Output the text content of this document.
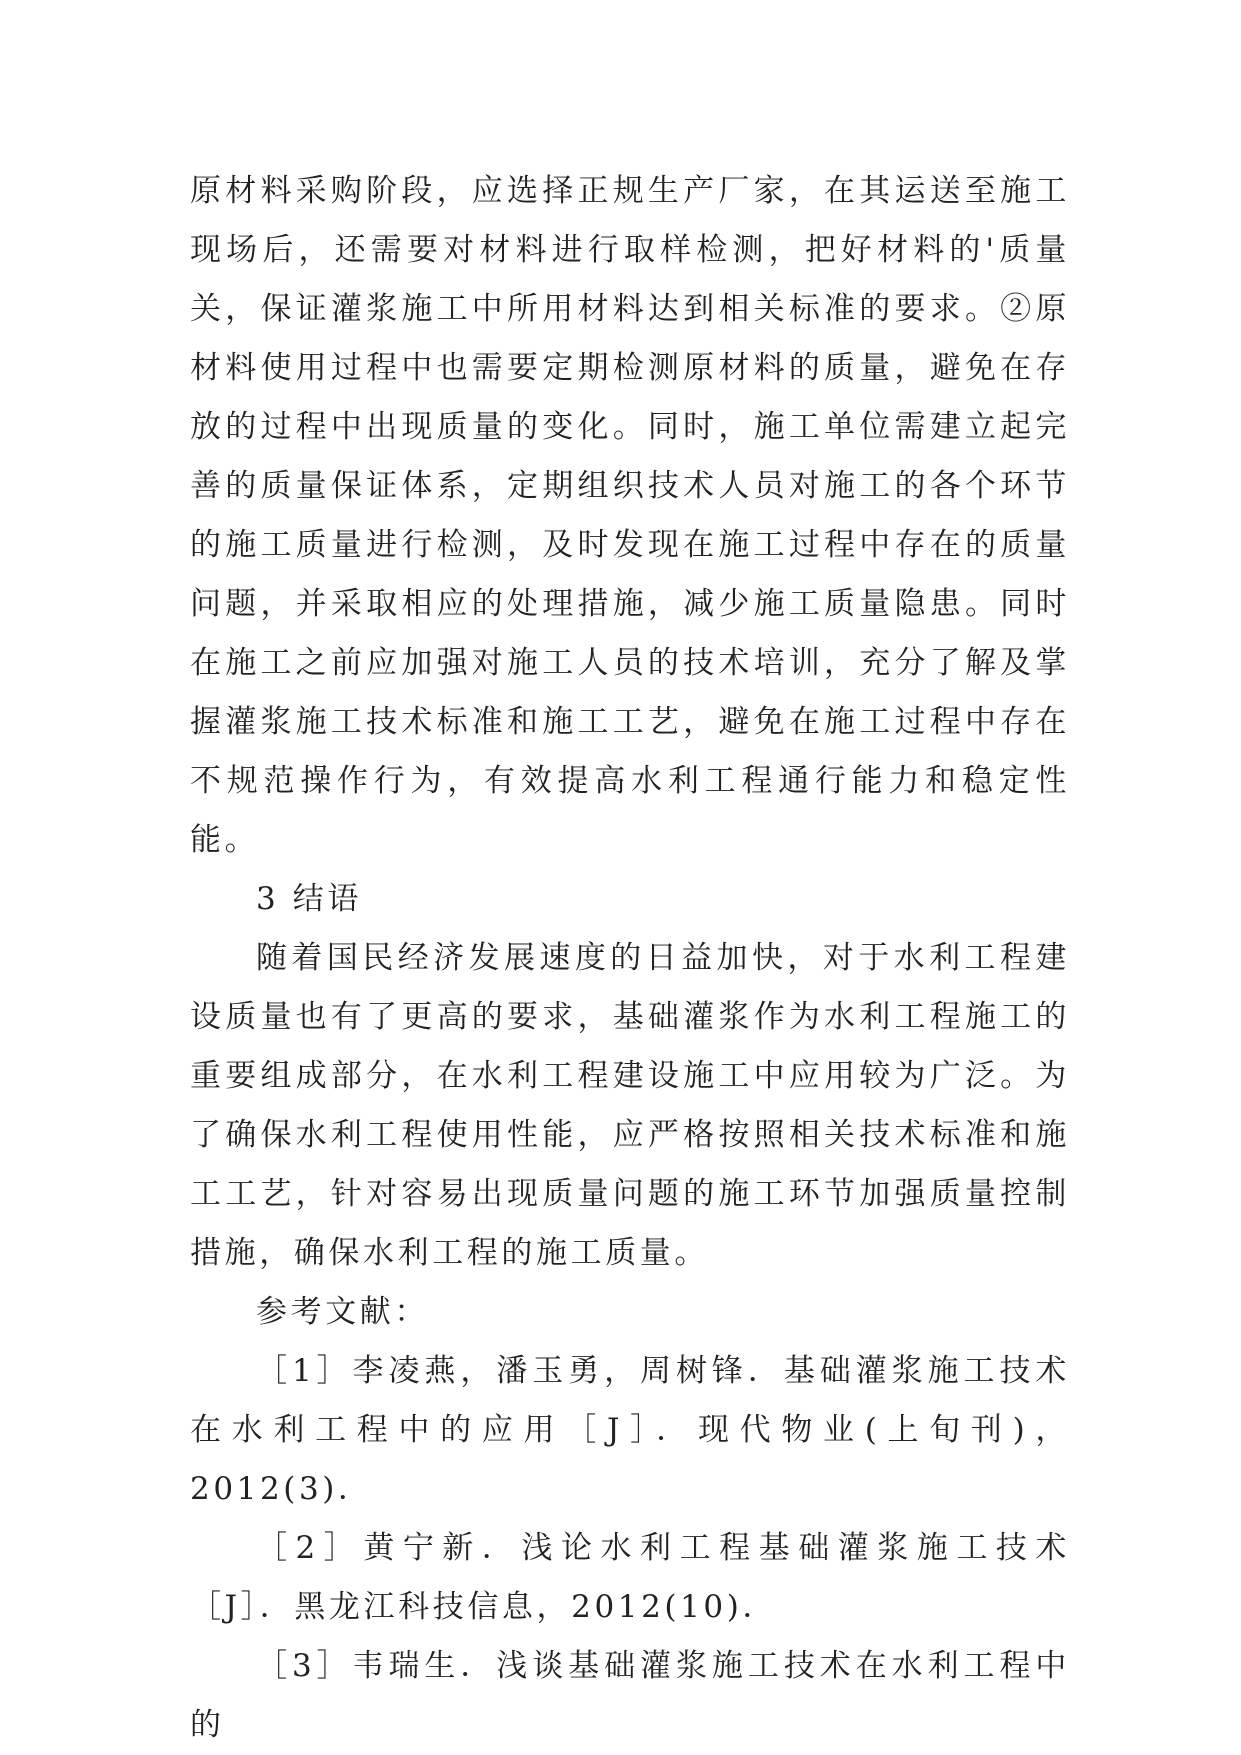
原材料采购阶段，应选择正规生产厂家，在其运送至施工现场后，还需要对材料进行取样检测，把好材料的'质量关，保证灌浆施工中所用材料达到相关标准的要求。②原材料使用过程中也需要定期检测原材料的质量，避免在存放的过程中出现质量的变化。同时，施工单位需建立起完善的质量保证体系，定期组织技术人员对施工的各个环节的施工质量进行检测，及时发现在施工过程中存在的质量问题，并采取相应的处理措施，减少施工质量隐患。同时在施工之前应加强对施工人员的技术培训，充分了解及掌握灌浆施工技术标准和施工工艺，避免在施工过程中存在不规范操作行为，有效提高水利工程通行能力和稳定性能。

3 结语

随着国民经济发展速度的日益加快，对于水利工程建设质量也有了更高的要求，基础灌浆作为水利工程施工的重要组成部分，在水利工程建设施工中应用较为广泛。为了确保水利工程使用性能，应严格按照相关技术标准和施工工艺，针对容易出现质量问题的施工环节加强质量控制措施，确保水利工程的施工质量。

参考文献：

［1］李凌燕，潘玉勇，周树锋．基础灌浆施工技术在水利工程中的应用［J］．现代物业(上旬刊)，2012(3)．

［2］黄宁新．浅论水利工程基础灌浆施工技术［J］．黑龙江科技信息，2012(10)．

［3］韦瑞生．浅谈基础灌浆施工技术在水利工程中的
